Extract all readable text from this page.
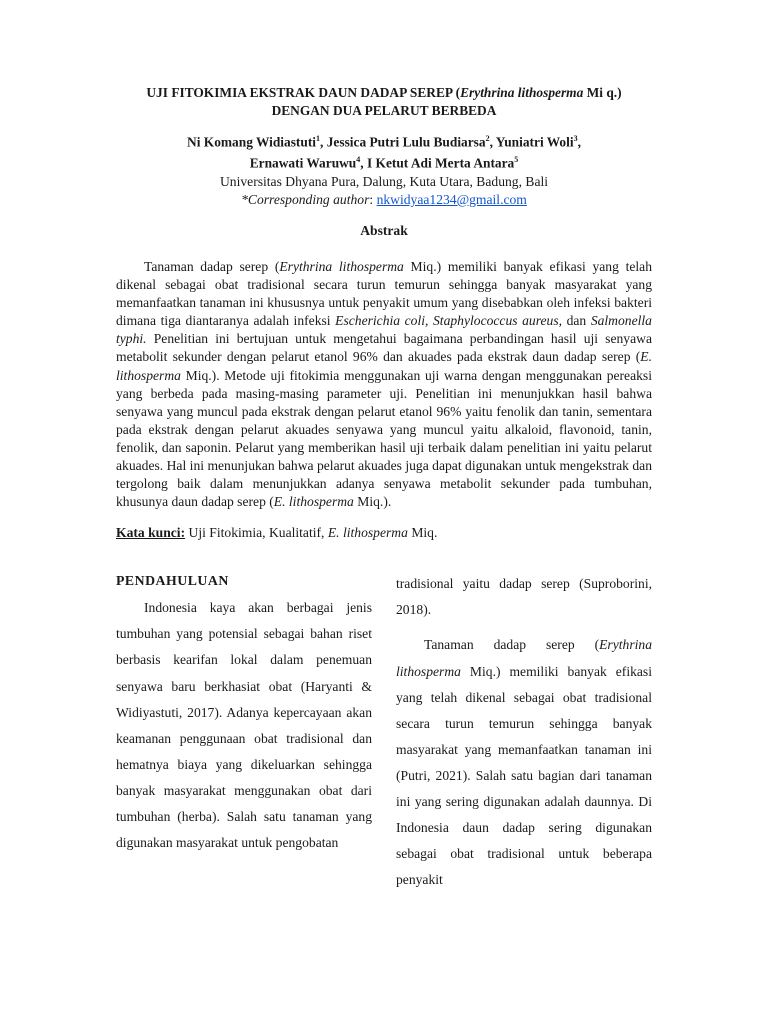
UJI FITOKIMIA EKSTRAK DAUN DADAP SEREP (Erythrina lithosperma Mi q.) DENGAN DUA PELARUT BERBEDA
Ni Komang Widiastuti$^1$, Jessica Putri Lulu Budiarsa$^2$, Yuniatri Woli$^3$,
Ernawati Waruwu$^4$, I Ketut Adi Merta Antara$^5$
Universitas Dhyana Pura, Dalung, Kuta Utara, Badung, Bali
*Corresponding author: nkwidyaa1234@gmail.com
Abstrak

Tanaman dadap serep (Erythrina lithosperma Miq.) memiliki banyak efikasi yang telah dikenal sebagai obat tradisional secara turun temurun sehingga banyak masyarakat yang memanfaatkan tanaman ini khususnya untuk penyakit umum yang disebabkan oleh infeksi bakteri dimana tiga diantaranya adalah infeksi Escherichia coli, Staphylococcus aureus, dan Salmonella typhi. Penelitian ini bertujuan untuk mengetahui bagaimana perbandingan hasil uji senyawa metabolit sekunder dengan pelarut etanol 96% dan akuades pada ekstrak daun dadap serep (E. lithosperma Miq.). Metode uji fitokimia menggunakan uji warna dengan menggunakan pereaksi yang berbeda pada masing-masing parameter uji. Penelitian ini menunjukkan hasil bahwa senyawa yang muncul pada ekstrak dengan pelarut etanol 96% yaitu fenolik dan tanin, sementara pada ekstrak dengan pelarut akuades senyawa yang muncul yaitu alkaloid, flavonoid, tanin, fenolik, dan saponin. Pelarut yang memberikan hasil uji terbaik dalam penelitian ini yaitu pelarut akuades. Hal ini menunjukan bahwa pelarut akuades juga dapat digunakan untuk mengekstrak dan tergolong baik dalam menunjukkan adanya senyawa metabolit sekunder pada tumbuhan, khusunya daun dadap serep (E. lithosperma Miq.).

Kata kunci: Uji Fitokimia, Kualitatif, E. lithosperma Miq.
PENDAHULUAN

Indonesia kaya akan berbagai jenis tumbuhan yang potensial sebagai bahan riset berbasis kearifan lokal dalam penemuan senyawa baru berkhasiat obat (Haryanti & Widiyastuti, 2017). Adanya kepercayaan akan keamanan penggunaan obat tradisional dan hematnya biaya yang dikeluarkan sehingga banyak masyarakat menggunakan obat dari tumbuhan (herba). Salah satu tanaman yang digunakan masyarakat untuk pengobatan

tradisional yaitu dadap serep (Suproborini, 2018).

Tanaman dadap serep (Erythrina lithosperma Miq.) memiliki banyak efikasi yang telah dikenal sebagai obat tradisional secara turun temurun sehingga banyak masyarakat yang memanfaatkan tanaman ini (Putri, 2021). Salah satu bagian dari tanaman ini yang sering digunakan adalah daunnya. Di Indonesia daun dadap sering digunakan sebagai obat tradisional untuk beberapa penyakit
